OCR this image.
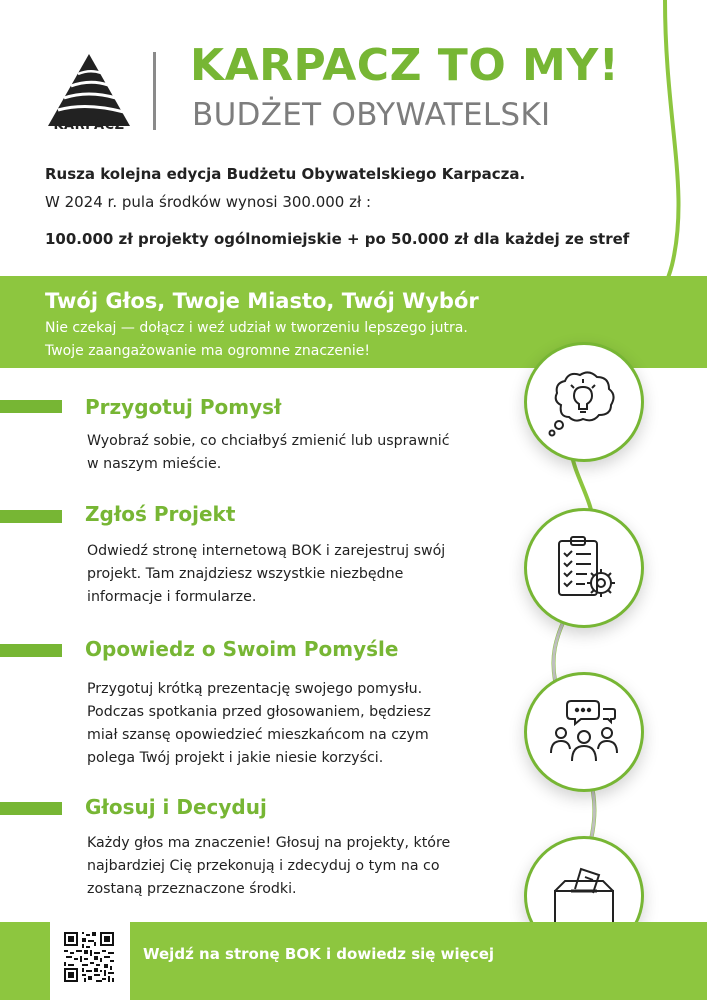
KARPACZ
KARPACZ TO MY!
BUDŻET OBYWATELSKI
Rusza kolejna edycja Budżetu Obywatelskiego Karpacza.
W 2024 r. pula środków wynosi 300.000 zł :
100.000 zł projekty ogólnomiejskie + po 50.000 zł dla każdej ze stref
Twój Głos, Twoje Miasto, Twój Wybór
Nie czekaj — dołącz i weź udział w tworzeniu lepszego jutra.
Twoje zaangażowanie ma ogromne znaczenie!
Przygotuj Pomysł
Wyobraź sobie, co chciałbyś zmienić lub usprawnić
w naszym mieście.
Zgłoś Projekt
Odwiedź stronę internetową BOK i zarejestruj swój
projekt. Tam znajdziesz wszystkie niezbędne
informacje i formularze.
Opowiedz o Swoim Pomyśle
Przygotuj krótką prezentację swojego pomysłu.
Podczas spotkania przed głosowaniem, będziesz
miał szansę opowiedzieć mieszkańcom na czym
polega Twój projekt i jakie niesie korzyści.
Głosuj i Decyduj
Każdy głos ma znaczenie! Głosuj na projekty, które
najbardziej Cię przekonują i zdecyduj o tym na co
zostaną przeznaczone środki.
Wejdź na stronę BOK i dowiedz się więcej
